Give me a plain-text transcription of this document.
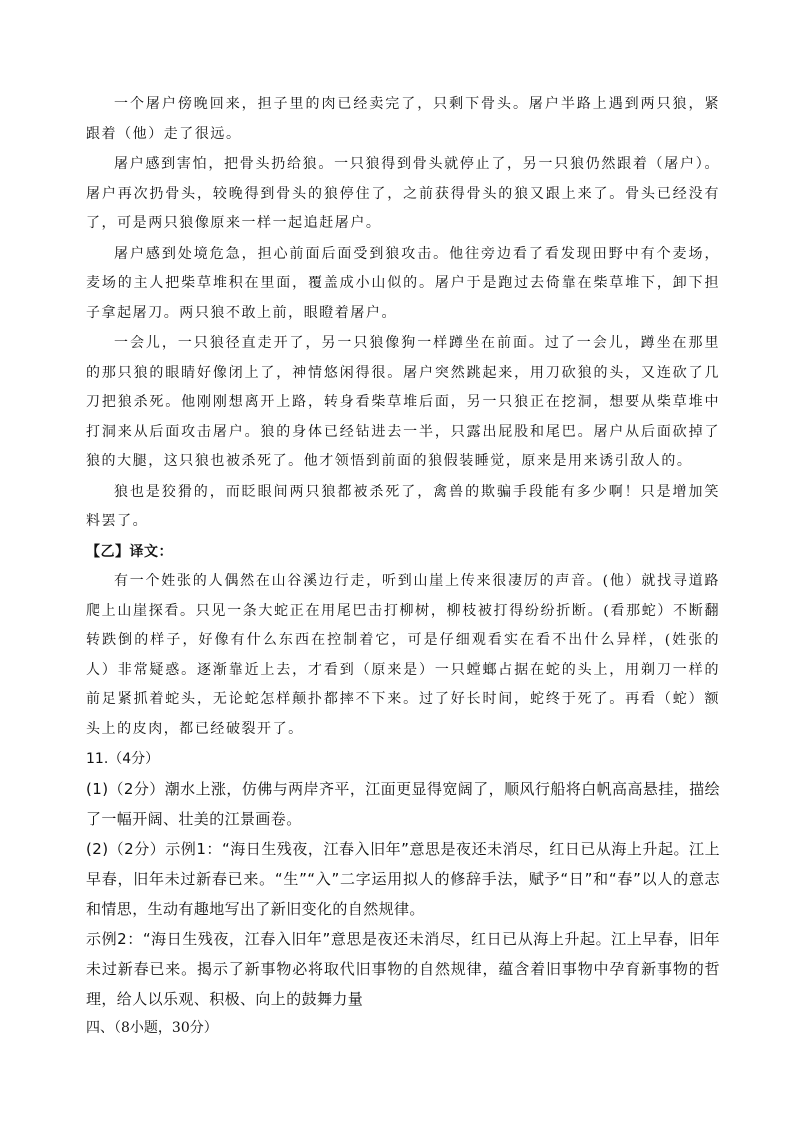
一个屠户傍晚回来，担子里的肉已经卖完了，只剩下骨头。屠户半路上遇到两只狼，紧跟着（他）走了很远。

屠户感到害怕，把骨头扔给狼。一只狼得到骨头就停止了，另一只狼仍然跟着（屠户）。屠户再次扔骨头，较晚得到骨头的狼停住了，之前获得骨头的狼又跟上来了。骨头已经没有了，可是两只狼像原来一样一起追赶屠户。

屠户感到处境危急，担心前面后面受到狼攻击。他往旁边看了看发现田野中有个麦场，麦场的主人把柴草堆积在里面，覆盖成小山似的。屠户于是跑过去倚靠在柴草堆下，卸下担子拿起屠刀。两只狼不敢上前，眼瞪着屠户。

一会儿，一只狼径直走开了，另一只狼像狗一样蹲坐在前面。过了一会儿，蹲坐在那里的那只狼的眼睛好像闭上了，神情悠闲得很。屠户突然跳起来，用刀砍狼的头，又连砍了几刀把狼杀死。他刚刚想离开上路，转身看柴草堆后面，另一只狼正在挖洞，想要从柴草堆中打洞来从后面攻击屠户。狼的身体已经钻进去一半，只露出屁股和尾巴。屠户从后面砍掉了狼的大腿，这只狼也被杀死了。他才领悟到前面的狼假装睡觉，原来是用来诱引敌人的。

狼也是狡猾的，而眨眼间两只狼都被杀死了，禽兽的欺骗手段能有多少啊！只是增加笑料罢了。

【乙】译文：

有一个姓张的人偶然在山谷溪边行走，听到山崖上传来很凄厉的声音。(他）就找寻道路爬上山崖探看。只见一条大蛇正在用尾巴击打柳树，柳枝被打得纷纷折断。(看那蛇）不断翻转跌倒的样子，好像有什么东西在控制着它，可是仔细观看实在看不出什么异样，(姓张的人）非常疑惑。逐渐靠近上去，才看到（原来是）一只螳螂占据在蛇的头上，用剃刀一样的前足紧抓着蛇头，无论蛇怎样颠扑都摔不下来。过了好长时间，蛇终于死了。再看（蛇）额头上的皮肉，都已经破裂开了。

11.（4分）

(1)（2分）潮水上涨，仿佛与两岸齐平，江面更显得宽阔了，顺风行船将白帆高高悬挂，描绘了一幅开阔、壮美的江景画卷。

(2)（2分）示例1：“海日生残夜，江春入旧年”意思是夜还未消尽，红日已从海上升起。江上早春，旧年未过新春已来。“生”“入”二字运用拟人的修辞手法，赋予“日”和“春”以人的意志和情思，生动有趣地写出了新旧变化的自然规律。

示例2：“海日生残夜，江春入旧年”意思是夜还未消尽，红日已从海上升起。江上早春，旧年未过新春已来。揭示了新事物必将取代旧事物的自然规律，蕴含着旧事物中孕育新事物的哲理，给人以乐观、积极、向上的鼓舞力量

四、（8小题，30分）
